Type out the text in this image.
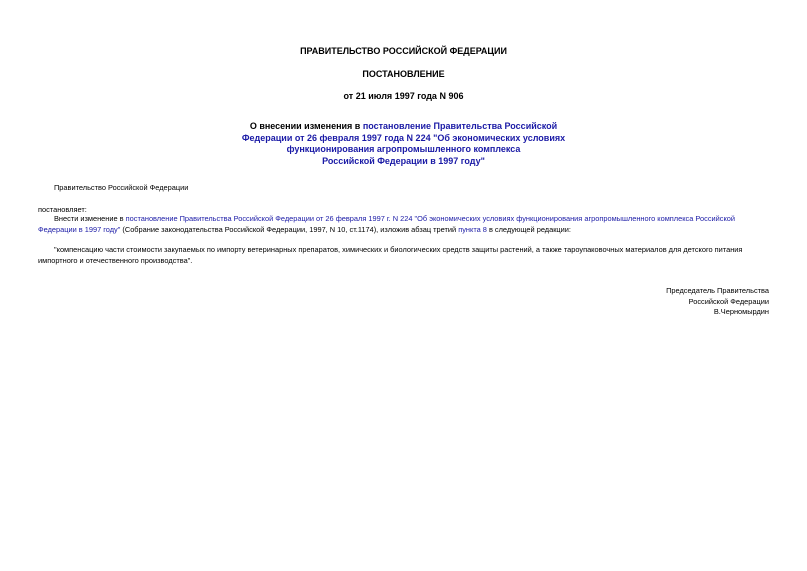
ПРАВИТЕЛЬСТВО РОССИЙСКОЙ ФЕДЕРАЦИИ
ПОСТАНОВЛЕНИЕ
от 21 июля 1997 года N 906
О внесении изменения в постановление Правительства Российской
Федерации от 26 февраля 1997 года N 224 "Об экономических условиях
функционирования агропромышленного комплекса
Российской Федерации в 1997 году"
Правительство Российской Федерации
постановляет:
Внести изменение в постановление Правительства Российской Федерации от 26 февраля 1997 г. N 224 "Об экономических условиях функционирования агропромышленного комплекса Российской Федерации в 1997 году" (Собрание законодательства Российской Федерации, 1997, N 10, ст.1174), изложив абзац третий пункта 8 в следующей редакции:
"компенсацию части стоимости закупаемых по импорту ветеринарных препаратов, химических и биологических средств защиты растений, а также тароупаковочных материалов для детского питания импортного и отечественного производства".
Председатель Правительства
Российской Федерации
В.Черномырдин
